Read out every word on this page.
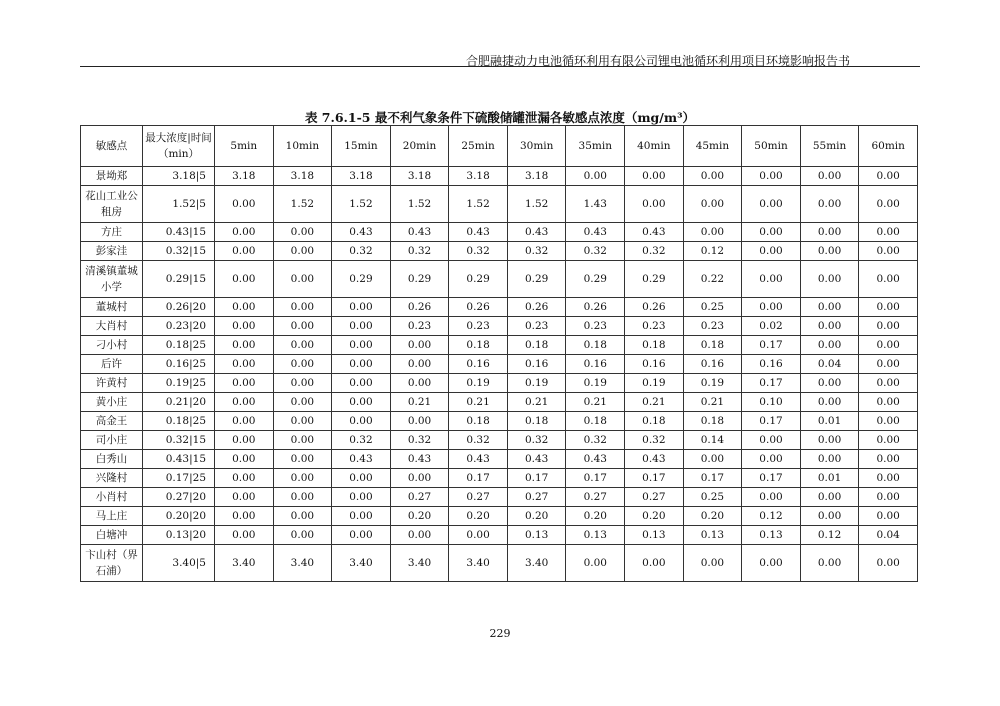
合肥融捷动力电池循环利用有限公司锂电池循环利用项目环境影响报告书
表 7.6.1-5 最不利气象条件下硫酸储罐泄漏各敏感点浓度（mg/m³）
敏感点	最大浓度|时间（min）	5min	10min	15min	20min	25min	30min	35min	40min	45min	50min	55min	60min
景坳郑	3.18|5	3.18	3.18	3.18	3.18	3.18	3.18	0.00	0.00	0.00	0.00	0.00	0.00
花山工业公租房	1.52|5	0.00	1.52	1.52	1.52	1.52	1.52	1.43	0.00	0.00	0.00	0.00	0.00
方庄	0.43|15	0.00	0.00	0.43	0.43	0.43	0.43	0.43	0.43	0.00	0.00	0.00	0.00
彭家洼	0.32|15	0.00	0.00	0.32	0.32	0.32	0.32	0.32	0.32	0.12	0.00	0.00	0.00
清溪镇董城小学	0.29|15	0.00	0.00	0.29	0.29	0.29	0.29	0.29	0.29	0.22	0.00	0.00	0.00
董城村	0.26|20	0.00	0.00	0.00	0.26	0.26	0.26	0.26	0.26	0.25	0.00	0.00	0.00
大肖村	0.23|20	0.00	0.00	0.00	0.23	0.23	0.23	0.23	0.23	0.23	0.02	0.00	0.00
刁小村	0.18|25	0.00	0.00	0.00	0.00	0.18	0.18	0.18	0.18	0.18	0.17	0.00	0.00
后许	0.16|25	0.00	0.00	0.00	0.00	0.16	0.16	0.16	0.16	0.16	0.16	0.04	0.00
许黄村	0.19|25	0.00	0.00	0.00	0.00	0.19	0.19	0.19	0.19	0.19	0.17	0.00	0.00
黄小庄	0.21|20	0.00	0.00	0.00	0.21	0.21	0.21	0.21	0.21	0.21	0.10	0.00	0.00
高金王	0.18|25	0.00	0.00	0.00	0.00	0.18	0.18	0.18	0.18	0.18	0.17	0.01	0.00
司小庄	0.32|15	0.00	0.00	0.32	0.32	0.32	0.32	0.32	0.32	0.14	0.00	0.00	0.00
白秀山	0.43|15	0.00	0.00	0.43	0.43	0.43	0.43	0.43	0.43	0.00	0.00	0.00	0.00
兴隆村	0.17|25	0.00	0.00	0.00	0.00	0.17	0.17	0.17	0.17	0.17	0.17	0.01	0.00
小肖村	0.27|20	0.00	0.00	0.00	0.27	0.27	0.27	0.27	0.27	0.25	0.00	0.00	0.00
马上庄	0.20|20	0.00	0.00	0.00	0.20	0.20	0.20	0.20	0.20	0.20	0.12	0.00	0.00
白塘冲	0.13|20	0.00	0.00	0.00	0.00	0.00	0.13	0.13	0.13	0.13	0.13	0.12	0.04
卞山村（界石浦）	3.40|5	3.40	3.40	3.40	3.40	3.40	3.40	0.00	0.00	0.00	0.00	0.00	0.00
229
